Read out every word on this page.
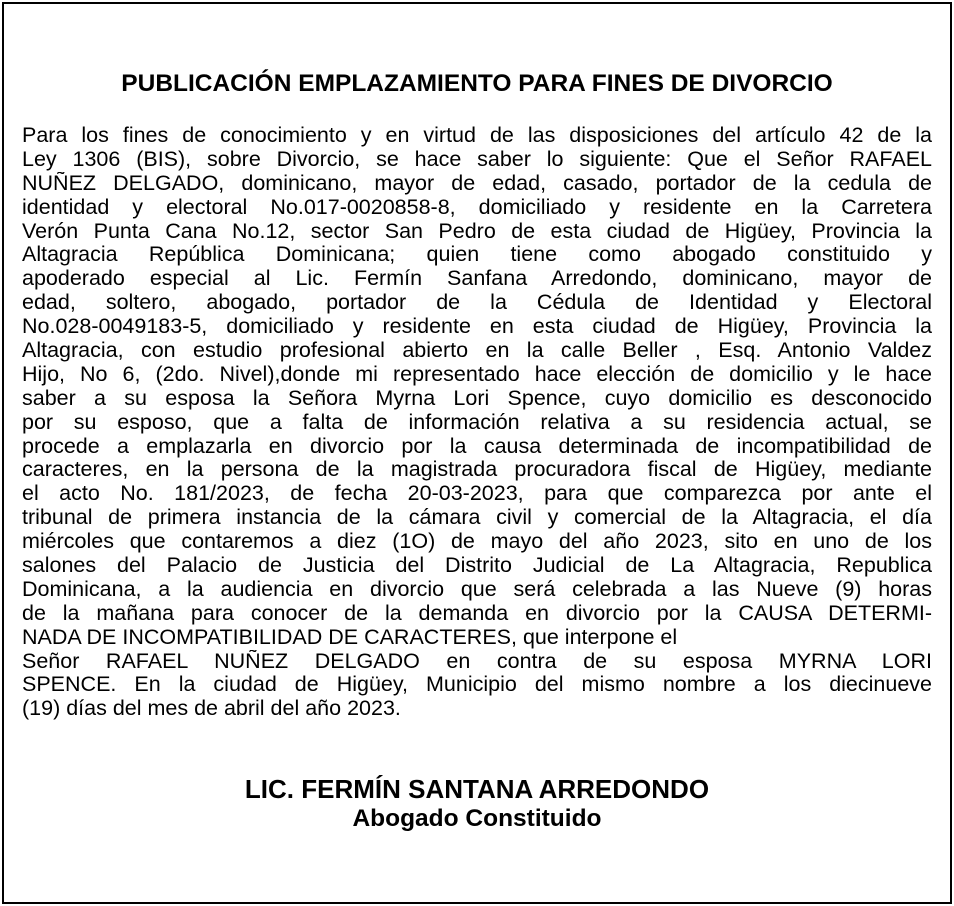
PUBLICACIÓN EMPLAZAMIENTO PARA FINES DE DIVORCIO
Para los fines de conocimiento y en virtud de las disposiciones del artículo 42 de la
Ley 1306 (BIS), sobre Divorcio, se hace saber lo siguiente: Que el Señor RAFAEL
NUÑEZ DELGADO, dominicano, mayor de edad, casado, portador de la cedula de
identidad y electoral No.017-0020858-8, domiciliado y residente en la Carretera
Verón Punta Cana No.12, sector San Pedro de esta ciudad de Higüey, Provincia la
Altagracia República Dominicana; quien tiene como abogado constituido y
apoderado especial al Lic. Fermín Sanfana Arredondo, dominicano, mayor de
edad, soltero, abogado, portador de la Cédula de Identidad y Electoral
No.028-0049183-5, domiciliado y residente en esta ciudad de Higüey, Provincia la
Altagracia, con estudio profesional abierto en la calle Beller , Esq. Antonio Valdez
Hijo, No 6, (2do. Nivel),donde mi representado hace elección de domicilio y le hace
saber a su esposa la Señora Myrna Lori Spence, cuyo domicilio es desconocido
por su esposo, que a falta de información relativa a su residencia actual, se
procede a emplazarla en divorcio por la causa determinada de incompatibilidad de
caracteres, en la persona de la magistrada procuradora fiscal de Higüey, mediante
el acto No. 181/2023, de fecha 20-03-2023, para que comparezca por ante el
tribunal de primera instancia de la cámara civil y comercial de la Altagracia, el día
miércoles que contaremos a diez (1O) de mayo del año 2023, sito en uno de los
salones del Palacio de Justicia del Distrito Judicial de La Altagracia, Republica
Dominicana, a la audiencia en divorcio que será celebrada a las Nueve (9) horas
de la mañana para conocer de la demanda en divorcio por la CAUSA DETERMI-
NADA DE INCOMPATIBILIDAD DE CARACTERES, que interpone el
Señor RAFAEL NUÑEZ DELGADO en contra de su esposa MYRNA LORI
SPENCE. En la ciudad de Higüey, Municipio del mismo nombre a los diecinueve
(19) días del mes de abril del año 2023.
LIC. FERMÍN SANTANA ARREDONDO
Abogado Constituido
